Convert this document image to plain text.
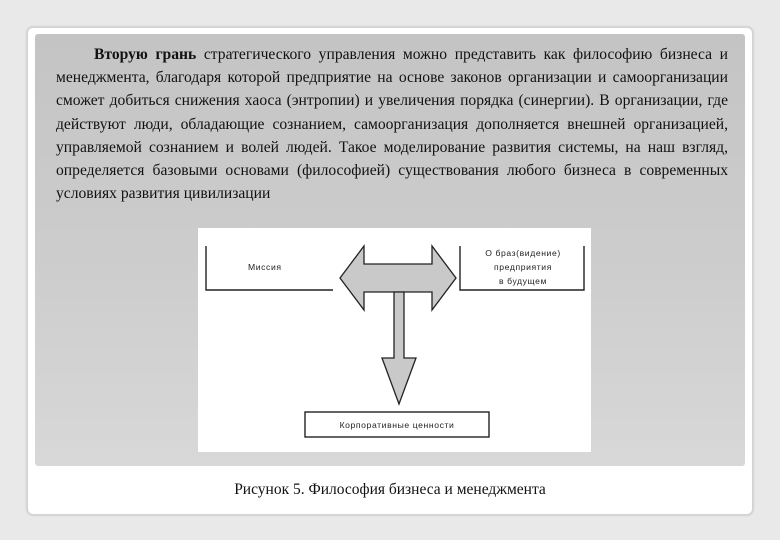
Вторую грань стратегического управления можно представить как философию бизнеса и менеджмента, благодаря которой предприятие на основе законов организации и самоорганизации сможет добиться снижения хаоса (энтропии) и увеличения порядка (синергии). В организации, где действуют люди, обладающие сознанием, самоорганизация дополняется внешней организацией, управляемой сознанием и волей людей. Такое моделирование развития системы, на наш взгляд, определяется базовыми основами (философией) существования любого бизнеса в современных условиях развития цивилизации

Миссия
О браз(видение)
предприятия
в будущем
Корпоративные ценности
Рисунок 5. Философия бизнеса и менеджмента
